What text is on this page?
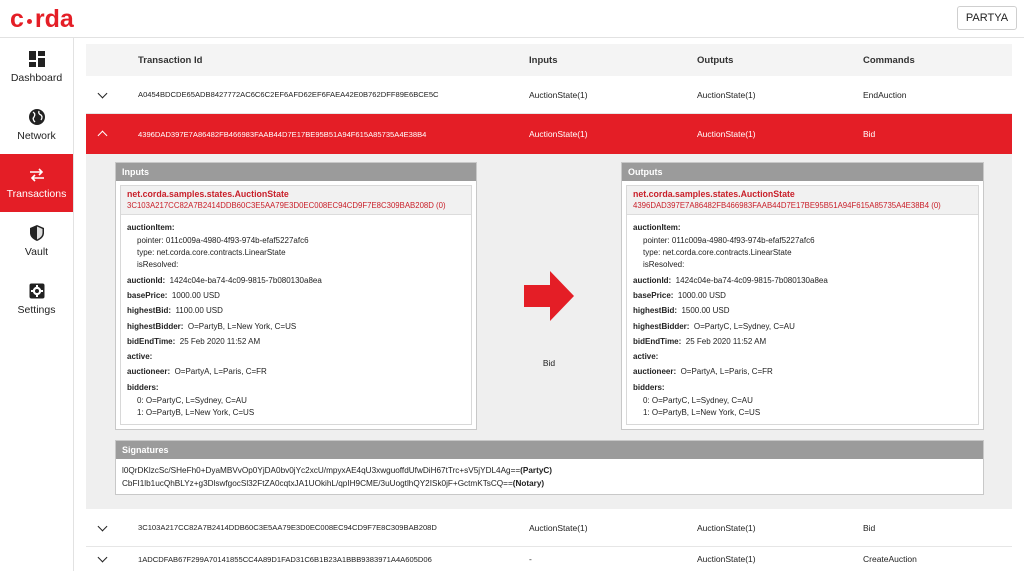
c rda	PARTYA
Dashboard
Network
Transactions
Vault
Settings
Transaction Id	Inputs	Outputs	Commands
A0454BDCDE65ADB8427772AC6C6C2EF6AFD62EF6FAEA42E0B762DFF89E6BCE5C	AuctionState(1)	AuctionState(1)	EndAuction
4396DAD397E7A86482FB466983FAAB44D7E17BE95B51A94F615A85735A4E38B4	AuctionState(1)	AuctionState(1)	Bid
Inputs
net.corda.samples.states.AuctionState
3C103A217CC82A7B2414DDB60C3E5AA79E3D0EC008EC94CD9F7E8C309BAB208D (0)
auctionItem:
pointer: 011c009a-4980-4f93-974b-efaf5227afc6
type: net.corda.core.contracts.LinearState
isResolved:
auctionId: 1424c04e-ba74-4c09-9815-7b080130a8ea
basePrice: 1000.00 USD
highestBid: 1100.00 USD
highestBidder: O=PartyB, L=New York, C=US
bidEndTime: 25 Feb 2020 11:52 AM
active:
auctioneer: O=PartyA, L=Paris, C=FR
bidders:
0: O=PartyC, L=Sydney, C=AU
1: O=PartyB, L=New York, C=US
Bid
Outputs
net.corda.samples.states.AuctionState
4396DAD397E7A86482FB466983FAAB44D7E17BE95B51A94F615A85735A4E38B4 (0)
auctionItem:
pointer: 011c009a-4980-4f93-974b-efaf5227afc6
type: net.corda.core.contracts.LinearState
isResolved:
auctionId: 1424c04e-ba74-4c09-9815-7b080130a8ea
basePrice: 1000.00 USD
highestBid: 1500.00 USD
highestBidder: O=PartyC, L=Sydney, C=AU
bidEndTime: 25 Feb 2020 11:52 AM
active:
auctioneer: O=PartyA, L=Paris, C=FR
bidders:
0: O=PartyC, L=Sydney, C=AU
1: O=PartyB, L=New York, C=US
Signatures
l0QrDKlzcSc/SHeFh0+DyaMBVvOp0YjDA0bv0jYc2xcU/mpyxAE4qU3xwguoffdUfwDiH67tTrc+sV5jYDL4Ag==(PartyC)
CbFI1lb1ucQhBLYz+g3DlswfgocSl32FtZA0cqtxJA1UOkihL/qpIH9CME/3uUogtlhQY2ISk0jF+GctmKTsCQ==(Notary)
3C103A217CC82A7B2414DDB60C3E5AA79E3D0EC008EC94CD9F7E8C309BAB208D	AuctionState(1)	AuctionState(1)	Bid
1ADCDFAB67F299A70141855CC4A89D1FAD31C6B1B23A1BBB9383971A4A605D06	-	AuctionState(1)	CreateAuction
